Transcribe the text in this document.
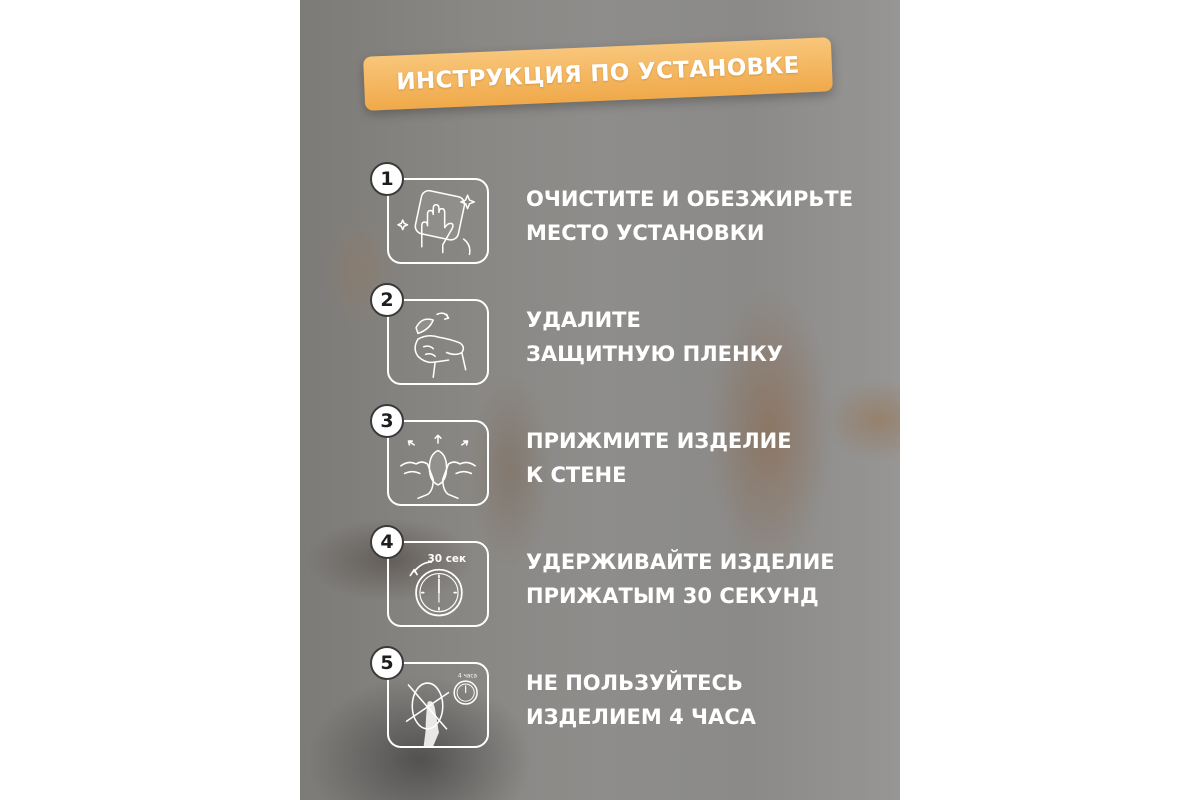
ИНСТРУКЦИЯ ПО УСТАНОВКЕ
1
ОЧИСТИТЕ И ОБЕЗЖИРЬТЕ
МЕСТО УСТАНОВКИ
2
УДАЛИТЕ
ЗАЩИТНУЮ ПЛЕНКУ
3
ПРИЖМИТЕ ИЗДЕЛИЕ
К СТЕНЕ
30 сек
4
УДЕРЖИВАЙТЕ ИЗДЕЛИЕ
ПРИЖАТЫМ 30 СЕКУНД
4 часа
5
НЕ ПОЛЬЗУЙТЕСЬ
ИЗДЕЛИЕМ 4 ЧАСА
